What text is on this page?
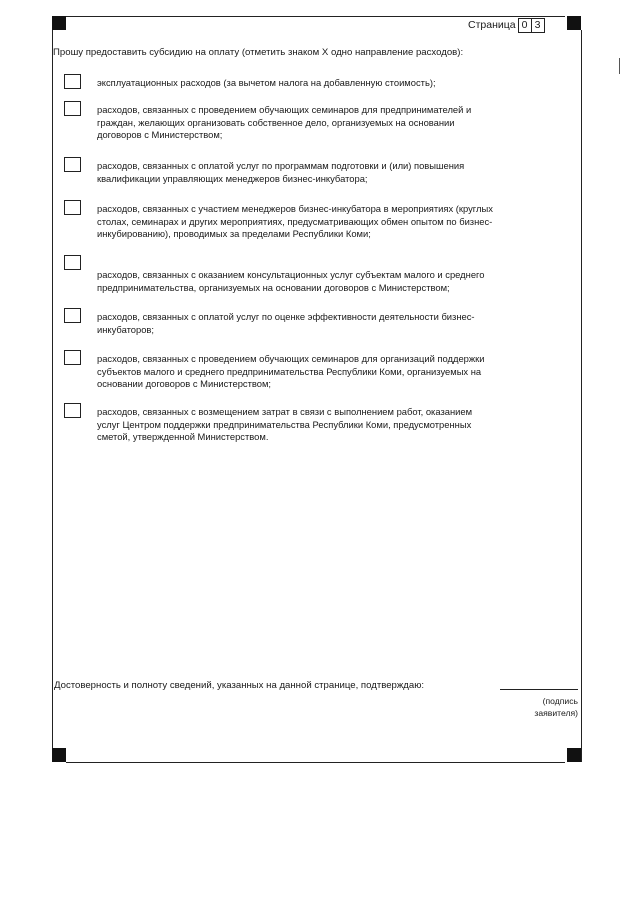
Страница 0 3
Прошу предоставить субсидию на оплату (отметить знаком X одно направление расходов):
эксплуатационных расходов (за вычетом налога на добавленную стоимость);
расходов, связанных с проведением обучающих семинаров для предпринимателей и
граждан, желающих организовать собственное дело, организуемых на основании
договоров с Министерством;
расходов, связанных с оплатой услуг по программам подготовки и (или) повышения
квалификации управляющих менеджеров бизнес-инкубатора;
расходов, связанных с участием менеджеров бизнес-инкубатора в мероприятиях (круглых
столах, семинарах и других мероприятиях, предусматривающих обмен опытом по бизнес-
инкубированию), проводимых за пределами Республики Коми;
расходов, связанных с оказанием консультационных услуг субъектам малого и среднего
предпринимательства, организуемых на основании договоров с Министерством;
расходов, связанных с оплатой услуг по оценке эффективности деятельности бизнес-
инкубаторов;
расходов, связанных с проведением обучающих семинаров для организаций поддержки
субъектов малого и среднего предпринимательства Республики Коми, организуемых на
основании договоров с Министерством;
расходов, связанных с возмещением затрат в связи с выполнением работ, оказанием
услуг Центром поддержки предпринимательства Республики Коми, предусмотренных
сметой, утвержденной Министерством.
Достоверность и полноту сведений, указанных на данной странице, подтверждаю:
(подпись
заявителя)
